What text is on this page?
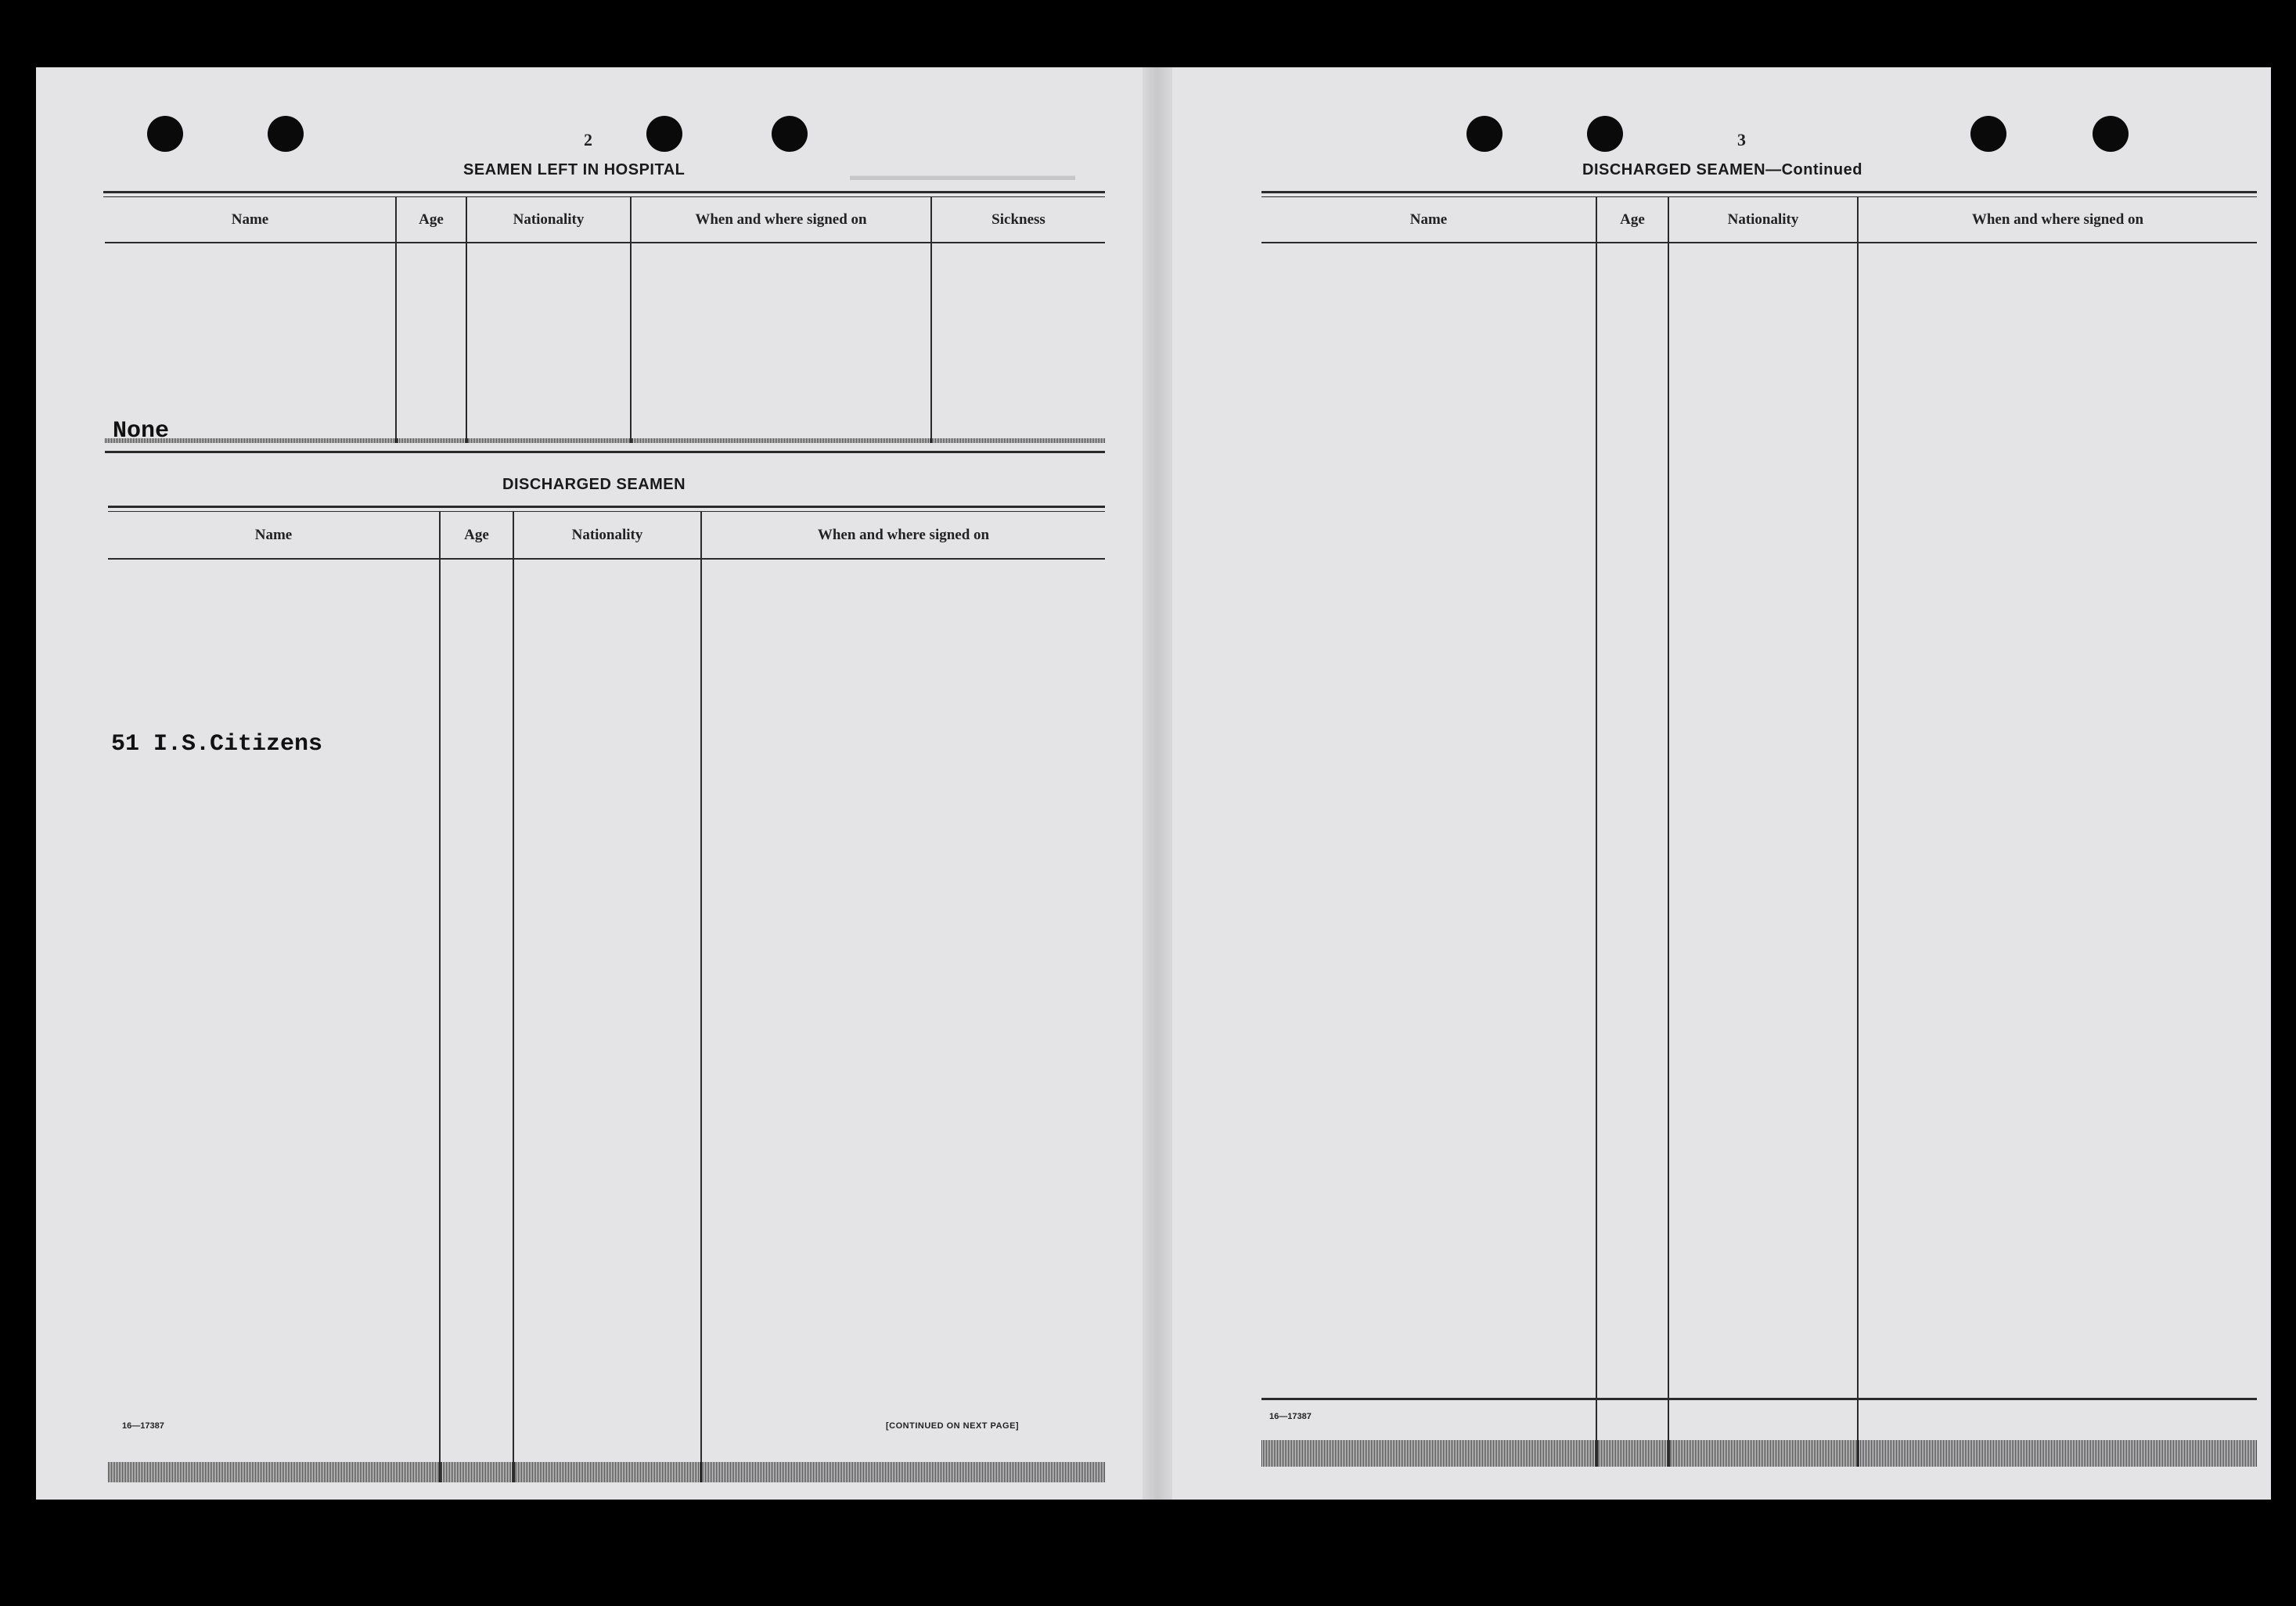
▬▬▬▬▬▬▬▬▬▬▬▬▬▬▬▬
2
SEAMEN LEFT IN HOSPITAL
Name	Age	Nationality	When and where signed on	Sickness

None
DISCHARGED SEAMEN
Name	Age	Nationality	When and where signed on

51 I.S.Citizens
16—17387	[CONTINUED ON NEXT PAGE]
3
DISCHARGED SEAMEN—Continued
Name	Age	Nationality	When and where signed on

16—17387
